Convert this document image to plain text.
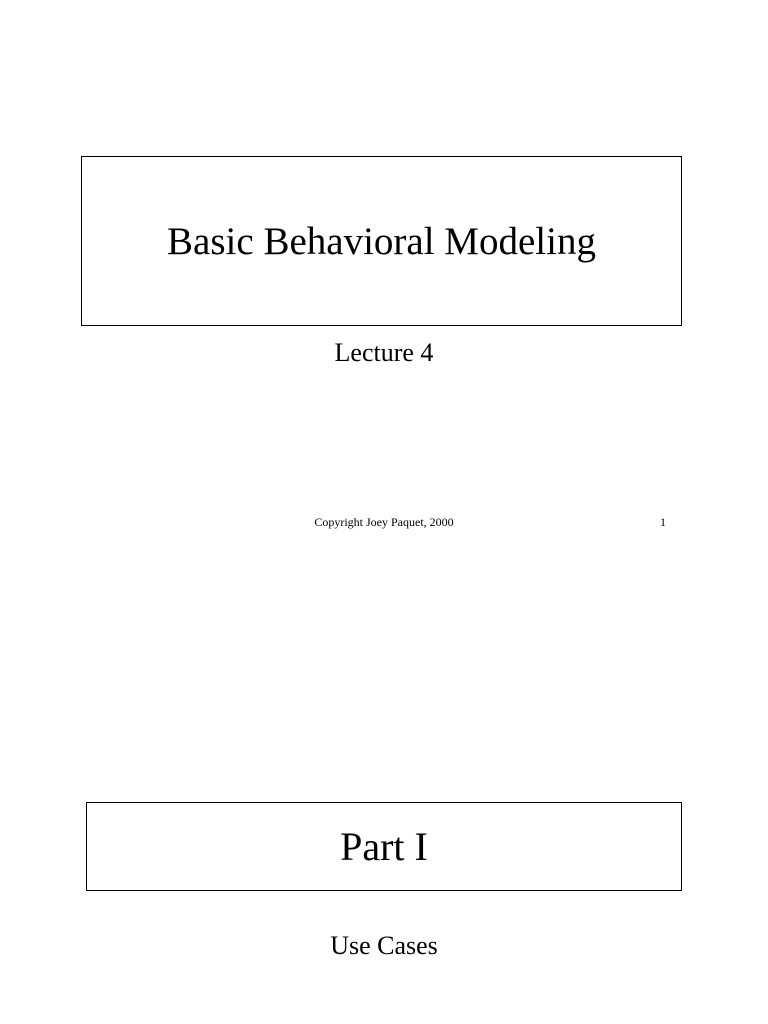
Basic Behavioral Modeling
Lecture 4
Copyright Joey Paquet, 2000	1
Part I
Use Cases
